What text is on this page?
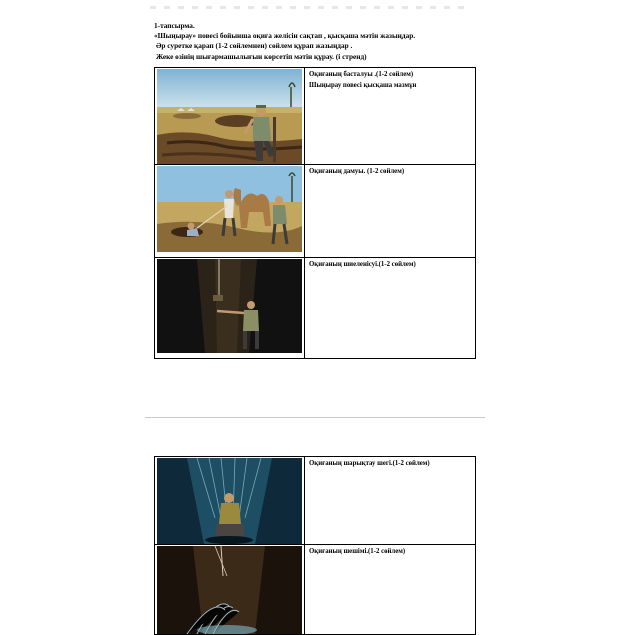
1-тапсырма.
«Шыңырау» повесі бойынша оқиға желісін сақтап , қысқаша мәтін жазыңдар.
Әр суретке қарап (1-2 сөйлемнен) сөйлем құрап жазыңдар .
Жеке өзінің шығармашылығын көрсетіп мәтін құрау. (і стренд)

Оқиғаның басталуы .(1-2 сөйлем)
Шыңырау повесі қысқаша мазмұн

Оқиғаның дамуы. (1-2 сөйлем)

Оқиғаның шиеленісуі.(1-2 сөйлем)

Оқиғаның шарықтау шегі.(1-2 сөйлем)

Оқиғаның шешімі.(1-2 сөйлем)
